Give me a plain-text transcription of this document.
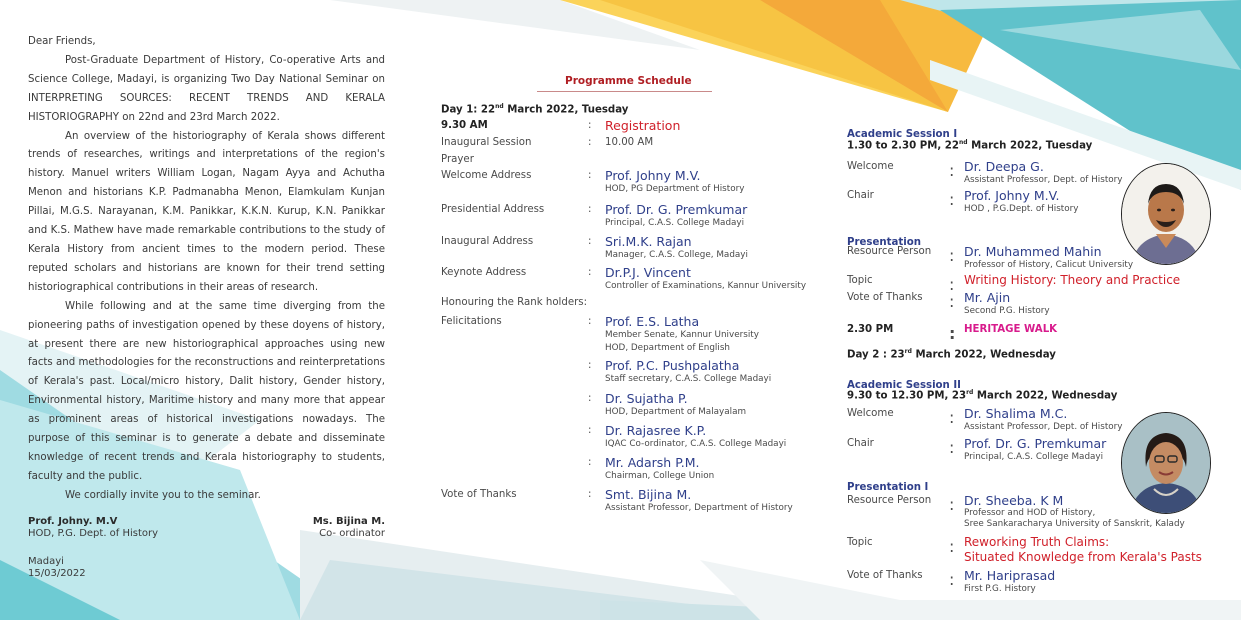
Dear Friends,

Post-Graduate Department of History, Co-operative Arts and Science College, Madayi, is organizing Two Day National Seminar on INTERPRETING SOURCES: RECENT TRENDS AND KERALA HISTORIOGRAPHY on 22nd and 23rd March 2022.

An overview of the historiography of Kerala shows different trends of researches, writings and interpretations of the region's history. Manuel writers William Logan, Nagam Ayya and Achutha Menon and historians K.P. Padmanabha Menon, Elamkulam Kunjan Pillai, M.G.S. Narayanan, K.M. Panikkar, K.K.N. Kurup, K.N. Panikkar and K.S. Mathew have made remarkable contributions to the study of Kerala History from ancient times to the modern period. These reputed scholars and historians are known for their trend setting historiographical contributions in their areas of research.

While following and at the same time diverging from the pioneering paths of investigation opened by these doyens of history, at present there are new historiographical approaches using new facts and methodologies for the reconstructions and reinterpretations of Kerala's past. Local/micro history, Dalit history, Gender history, Environmental history, Maritime history and many more that appear as prominent areas of historical investigations nowadays. The purpose of this seminar is to generate a debate and disseminate knowledge of recent trends and Kerala historiography to students, faculty and the public.

We cordially invite you to the seminar.

Prof. Johny. M.V
HOD, P.G. Dept. of History
Ms. Bijina M.
Co- ordinator
Madayi
15/03/2022
Programme Schedule
Day 1: 22nd March 2022, Tuesday
9.30 AM	: Registration
Inaugural Session	: 10.00 AM
Prayer
Welcome Address	: Prof. Johny M.V.
HOD, PG Department of History
Presidential Address	: Prof. Dr. G. Premkumar
Principal, C.A.S. College Madayi
Inaugural Address	: Sri.M.K. Rajan
Manager, C.A.S. College, Madayi
Keynote Address	: Dr.P.J. Vincent
Controller of Examinations, Kannur University
Honouring the Rank holders:
Felicitations	: Prof. E.S. Latha
Member Senate, Kannur University
HOD, Department of English
: Prof. P.C. Pushpalatha
Staff secretary, C.A.S. College Madayi
: Dr. Sujatha P.
HOD, Department of Malayalam
: Dr. Rajasree K.P.
IQAC Co-ordinator, C.A.S. College Madayi
: Mr. Adarsh P.M.
Chairman, College Union
Vote of Thanks	: Smt. Bijina M.
Assistant Professor, Department of History
Academic Session I
1.30 to 2.30 PM, 22nd March 2022, Tuesday
Welcome	: Dr. Deepa G.
Assistant Professor, Dept. of History
Chair	: Prof. Johny M.V.
HOD , P.G.Dept. of History
Presentation
Resource Person : Dr. Muhammed Mahin
Professor of History, Calicut University
Topic	: Writing History: Theory and Practice
Vote of Thanks : Mr. Ajin
Second P.G. History
2.30 PM	: HERITAGE WALK
Day 2 : 23rd March 2022, Wednesday
Academic Session II
9.30 to 12.30 PM, 23rd March 2022, Wednesday
Welcome	: Dr. Shalima M.C.
Assistant Professor, Dept. of History
Chair	: Prof. Dr. G. Premkumar
Principal, C.A.S. College Madayi
Presentation I
Resource Person : Dr. Sheeba. K M
Professor and HOD of History,
Sree Sankaracharya University of Sanskrit, Kalady
Topic	: Reworking Truth Claims:
Situated Knowledge from Kerala's Pasts
Vote of Thanks : Mr. Hariprasad
First P.G. History
